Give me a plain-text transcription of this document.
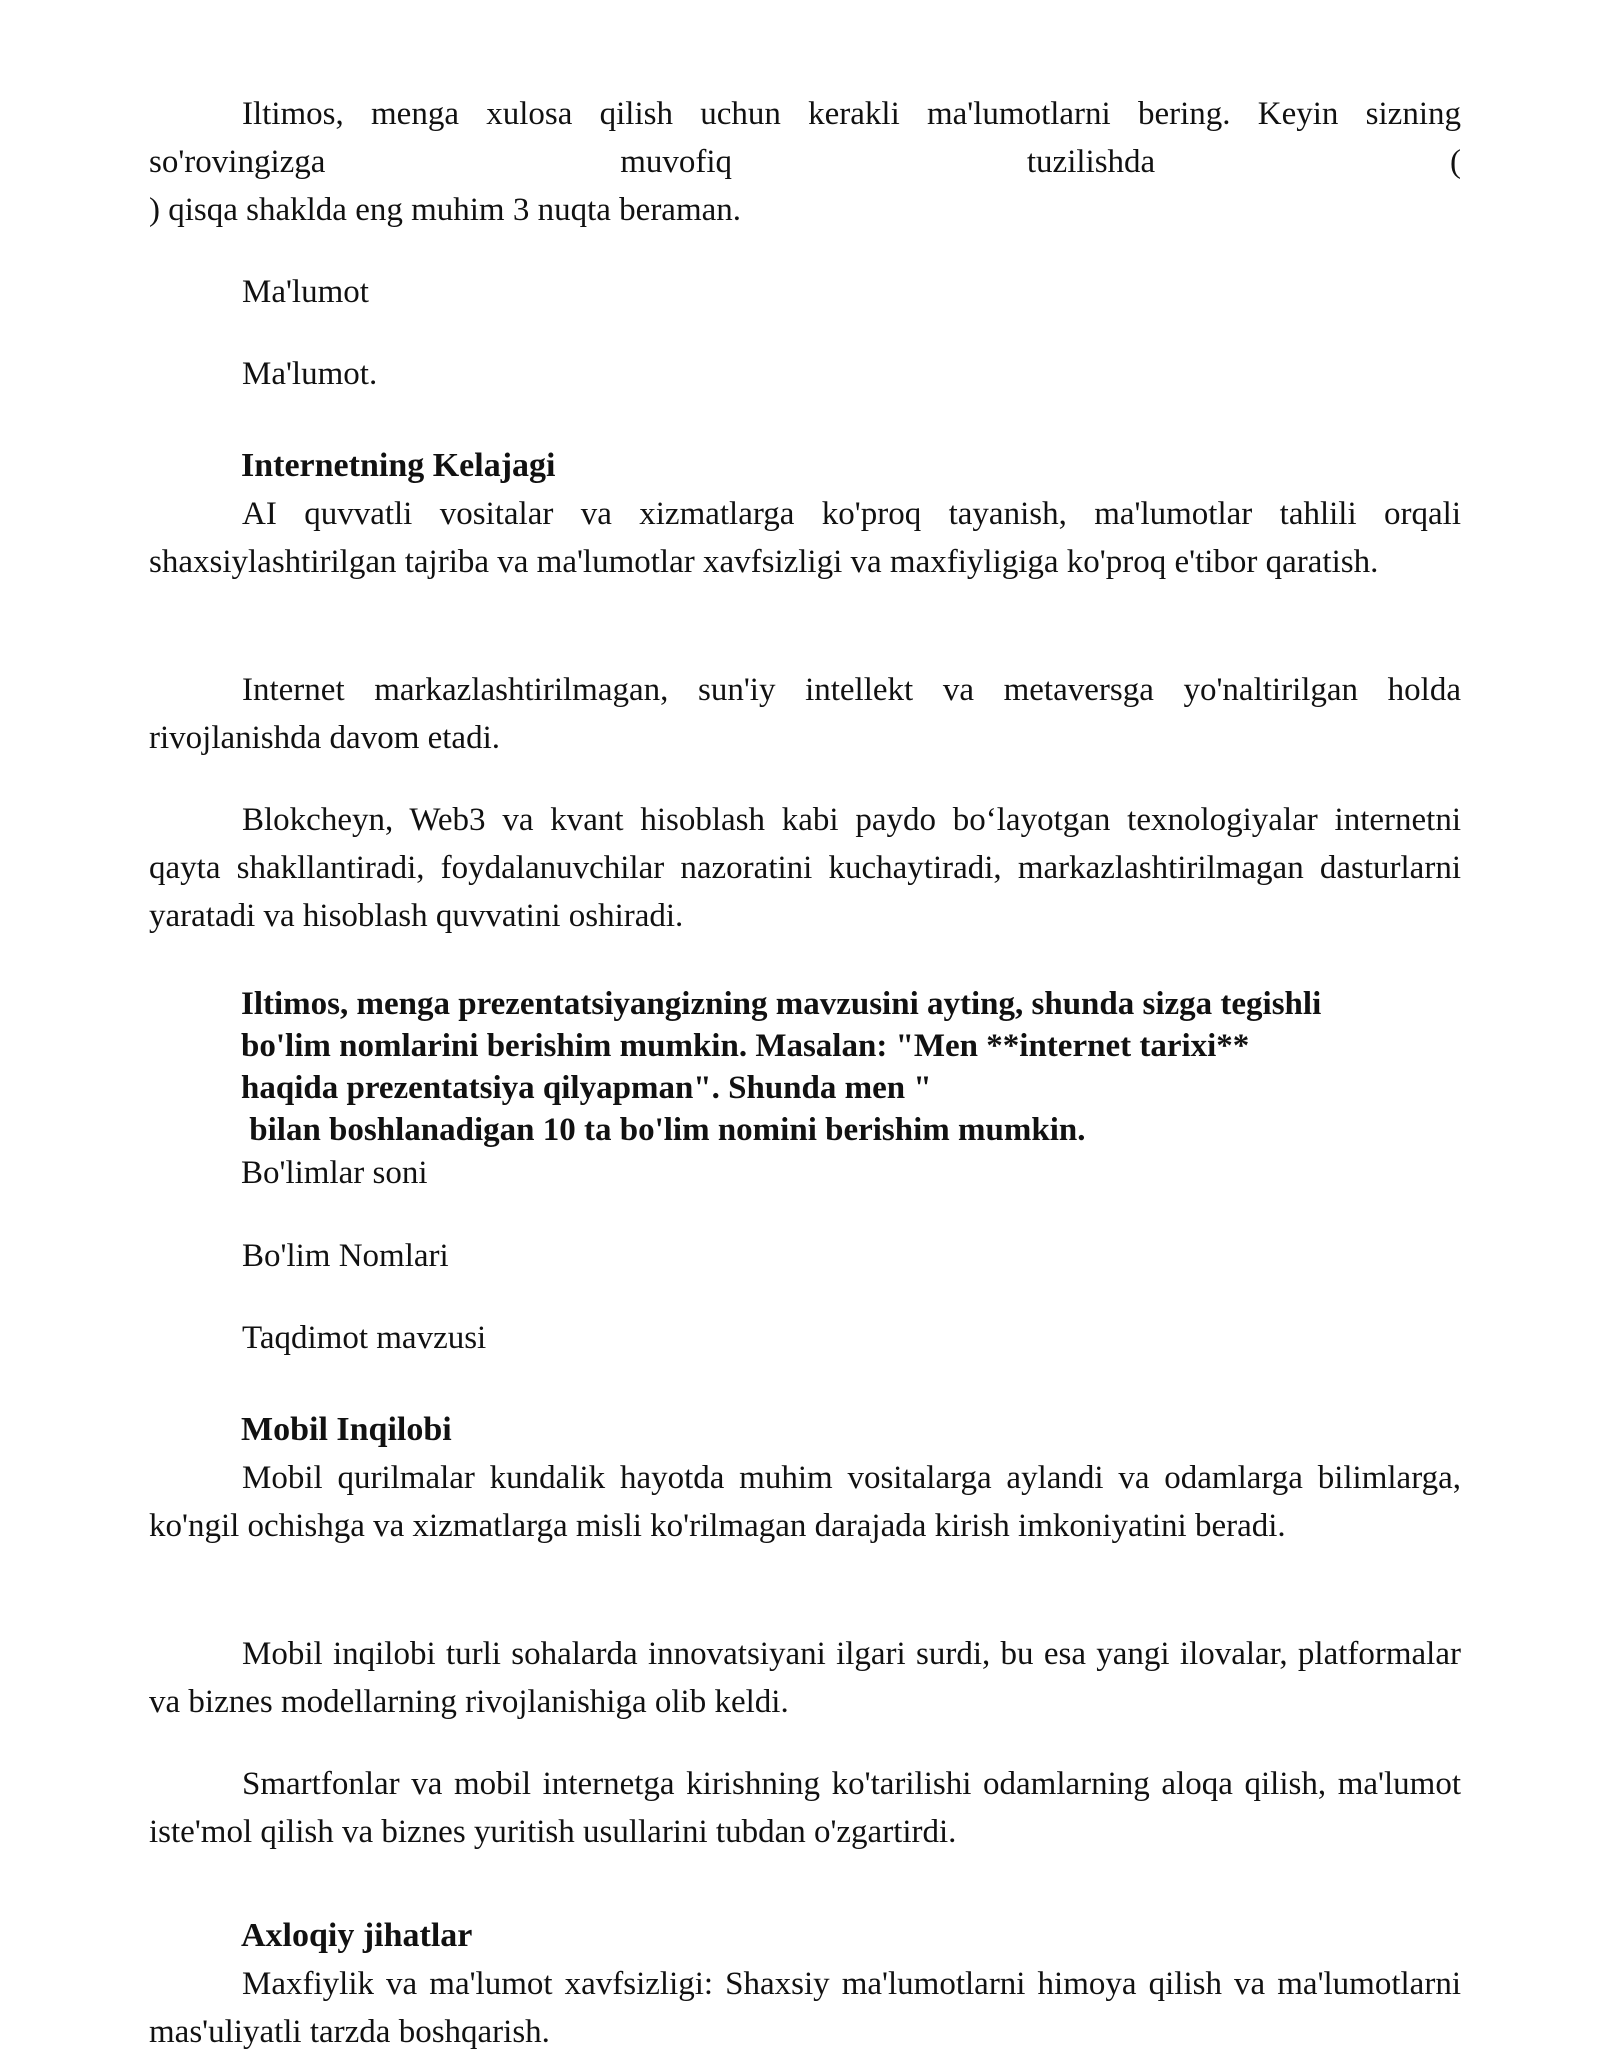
Iltimos, menga xulosa qilish uchun kerakli ma'lumotlarni bering. Keyin sizning
so'rovingizga	muvofiq	tuzilishda	(
) qisqa shaklda eng muhim 3 nuqta beraman.

Ma'lumot

Ma'lumot.

Internetning Kelajagi

AI quvvatli vositalar va xizmatlarga ko'proq tayanish, ma'lumotlar tahlili orqali shaxsiylashtirilgan tajriba va ma'lumotlar xavfsizligi va maxfiyligiga ko'proq e'tibor qaratish.

Internet markazlashtirilmagan, sun'iy intellekt va metaversga yo'naltirilgan holda rivojlanishda davom etadi.

Blokcheyn, Web3 va kvant hisoblash kabi paydo bo‘layotgan texnologiyalar internetni qayta shakllantiradi, foydalanuvchilar nazoratini kuchaytiradi, markazlashtirilmagan dasturlarni yaratadi va hisoblash quvvatini oshiradi.

Iltimos, menga prezentatsiyangizning mavzusini ayting, shunda sizga tegishli
bo'lim nomlarini berishim mumkin. Masalan: "Men **internet tarixi**
haqida prezentatsiya qilyapman". Shunda men "
bilan boshlanadigan 10 ta bo'lim nomini berishim mumkin.

Bo'limlar soni

Bo'lim Nomlari

Taqdimot mavzusi

Mobil Inqilobi

Mobil qurilmalar kundalik hayotda muhim vositalarga aylandi va odamlarga bilimlarga, ko'ngil ochishga va xizmatlarga misli ko'rilmagan darajada kirish imkoniyatini beradi.

Mobil inqilobi turli sohalarda innovatsiyani ilgari surdi, bu esa yangi ilovalar, platformalar va biznes modellarning rivojlanishiga olib keldi.

Smartfonlar va mobil internetga kirishning ko'tarilishi odamlarning aloqa qilish, ma'lumot iste'mol qilish va biznes yuritish usullarini tubdan o'zgartirdi.

Axloqiy jihatlar

Maxfiylik va ma'lumot xavfsizligi: Shaxsiy ma'lumotlarni himoya qilish va ma'lumotlarni mas'uliyatli tarzda boshqarish.
